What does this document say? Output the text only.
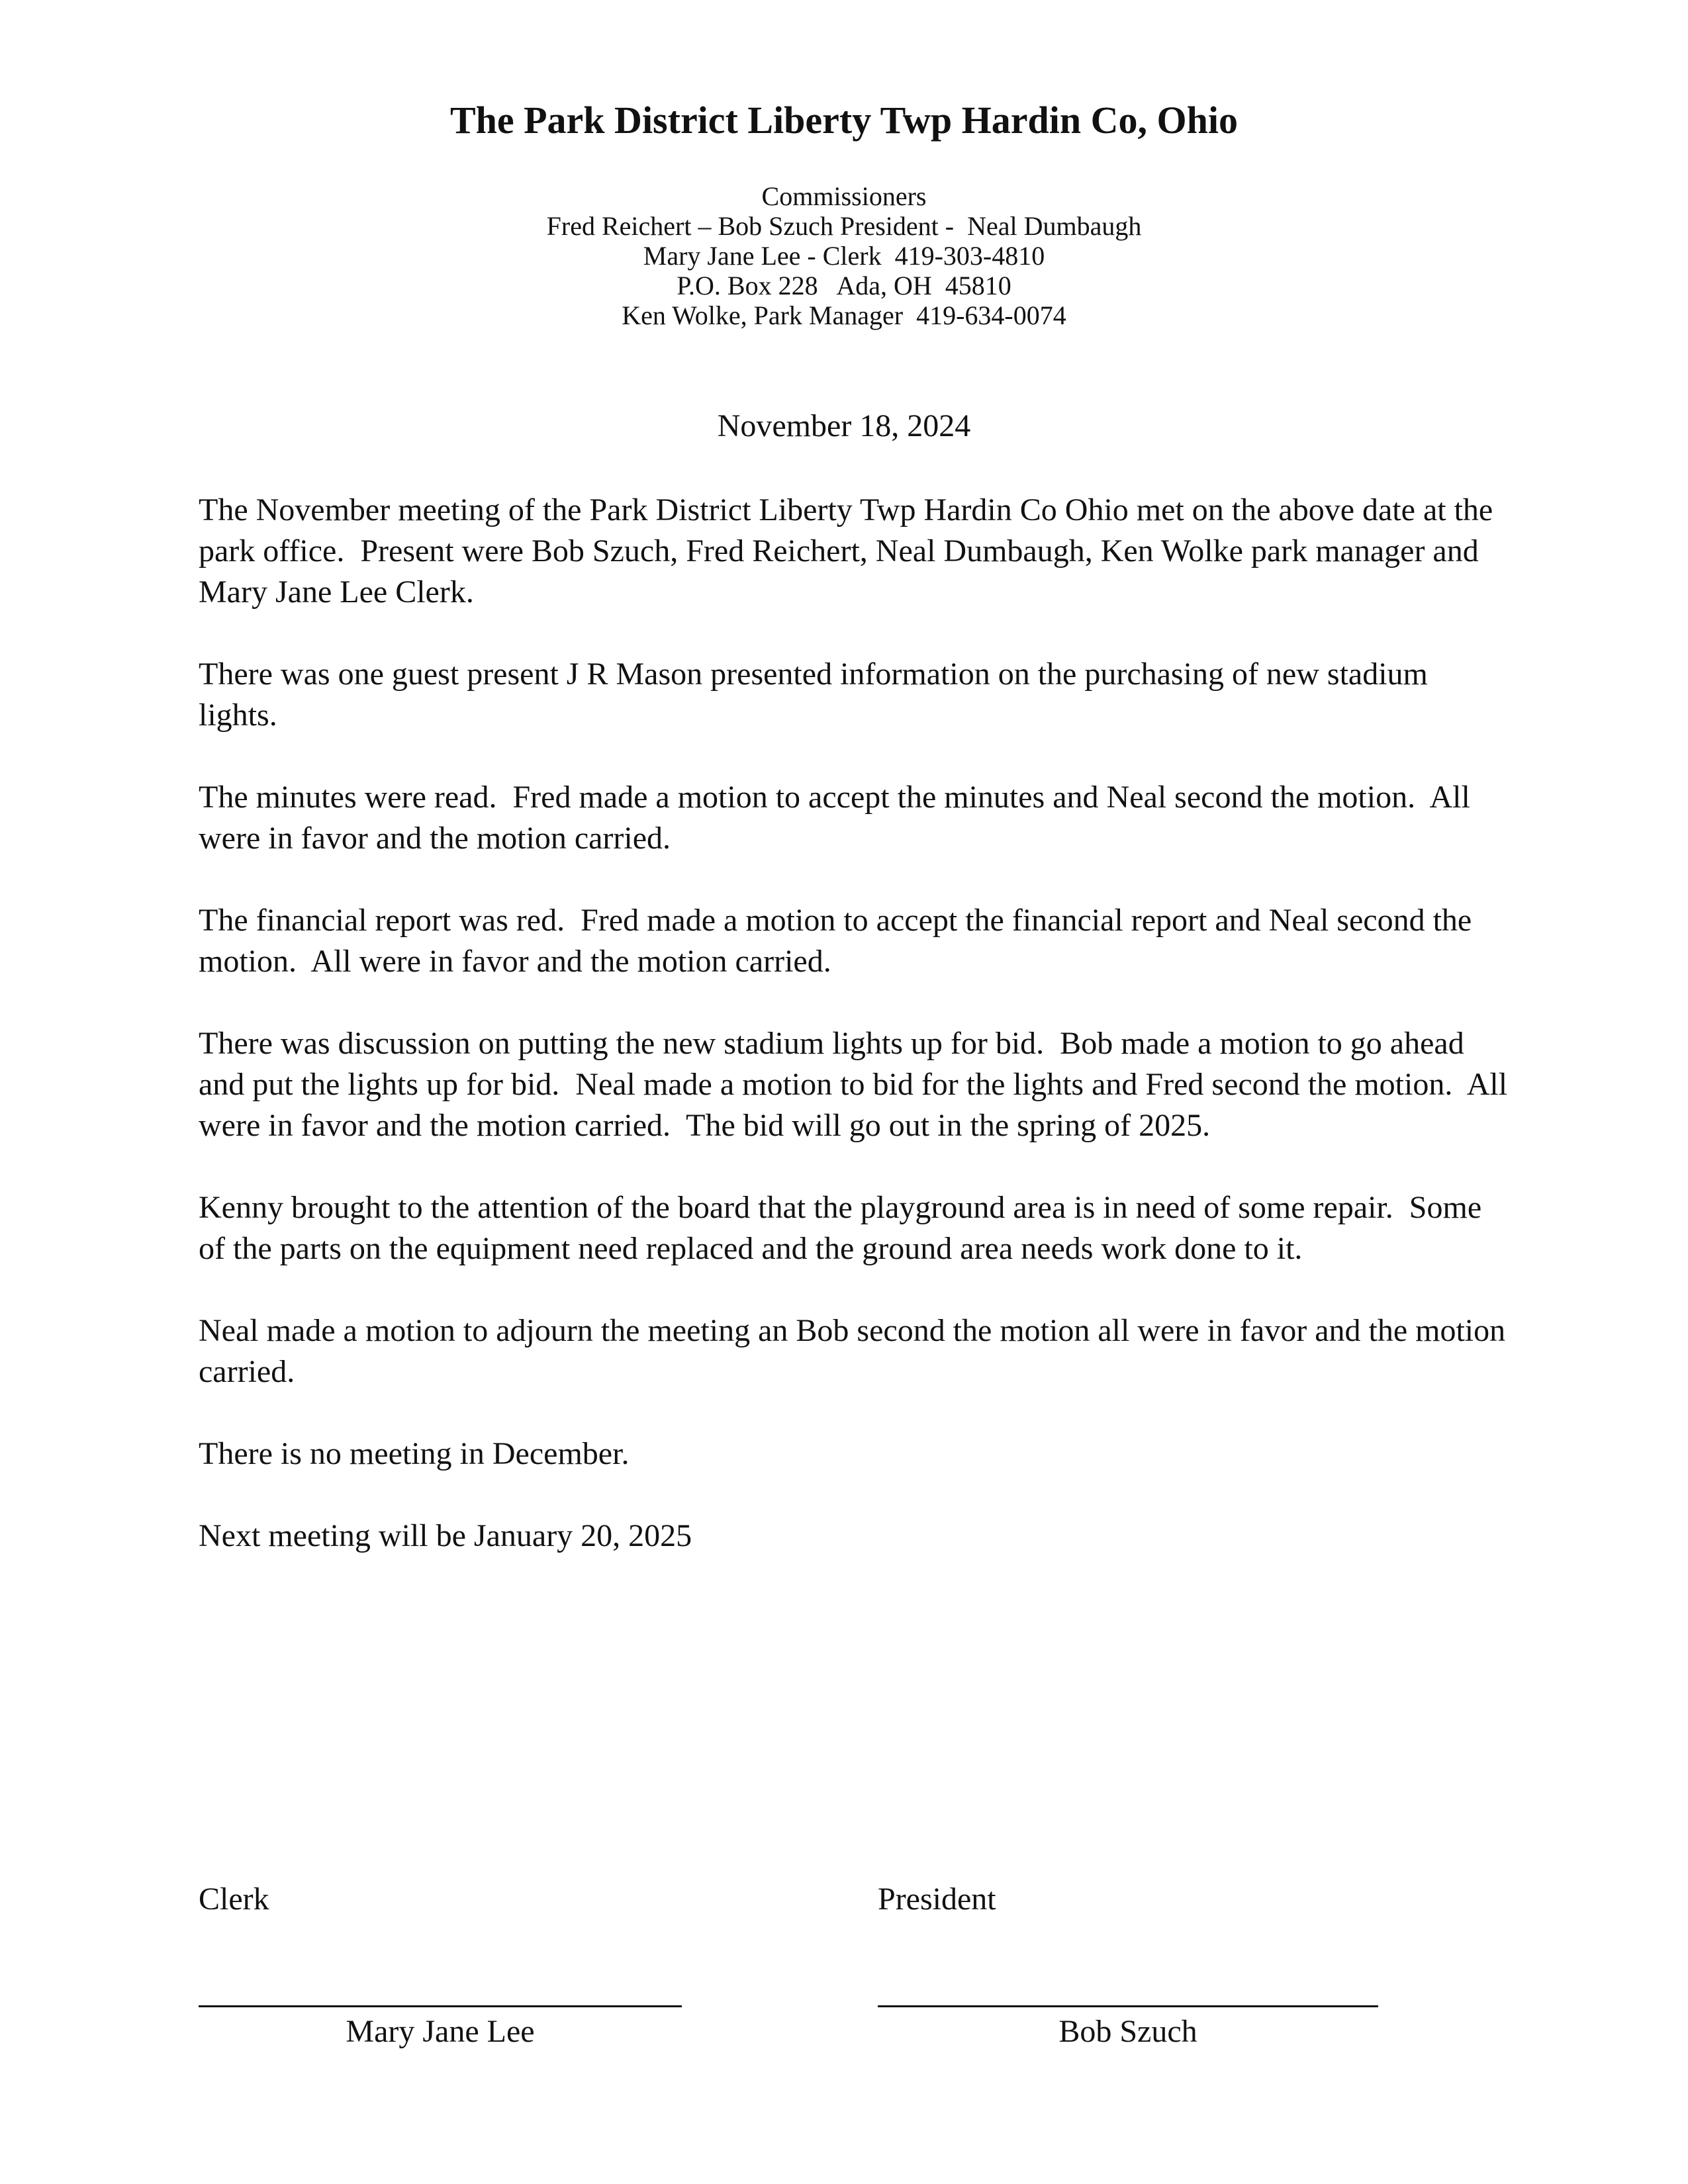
The Park District Liberty Twp Hardin Co, Ohio
Commissioners
Fred Reichert – Bob Szuch President -  Neal Dumbaugh
Mary Jane Lee - Clerk  419-303-4810
P.O. Box 228   Ada, OH  45810
Ken Wolke, Park Manager  419-634-0074
November 18, 2024

The November meeting of the Park District Liberty Twp Hardin Co Ohio met on the above date at the park office.  Present were Bob Szuch, Fred Reichert, Neal Dumbaugh, Ken Wolke park manager and Mary Jane Lee Clerk.

There was one guest present J R Mason presented information on the purchasing of new stadium lights.

The minutes were read.  Fred made a motion to accept the minutes and Neal second the motion.  All were in favor and the motion carried.

The financial report was red.  Fred made a motion to accept the financial report and Neal second the motion.  All were in favor and the motion carried.

There was discussion on putting the new stadium lights up for bid.  Bob made a motion to go ahead and put the lights up for bid.  Neal made a motion to bid for the lights and Fred second the motion.  All were in favor and the motion carried.  The bid will go out in the spring of 2025.

Kenny brought to the attention of the board that the playground area is in need of some repair.  Some of the parts on the equipment need replaced and the ground area needs work done to it.

Neal made a motion to adjourn the meeting an Bob second the motion all were in favor and the motion carried.

There is no meeting in December.

Next meeting will be January 20, 2025

Clerk
Mary Jane Lee
President
Bob Szuch
